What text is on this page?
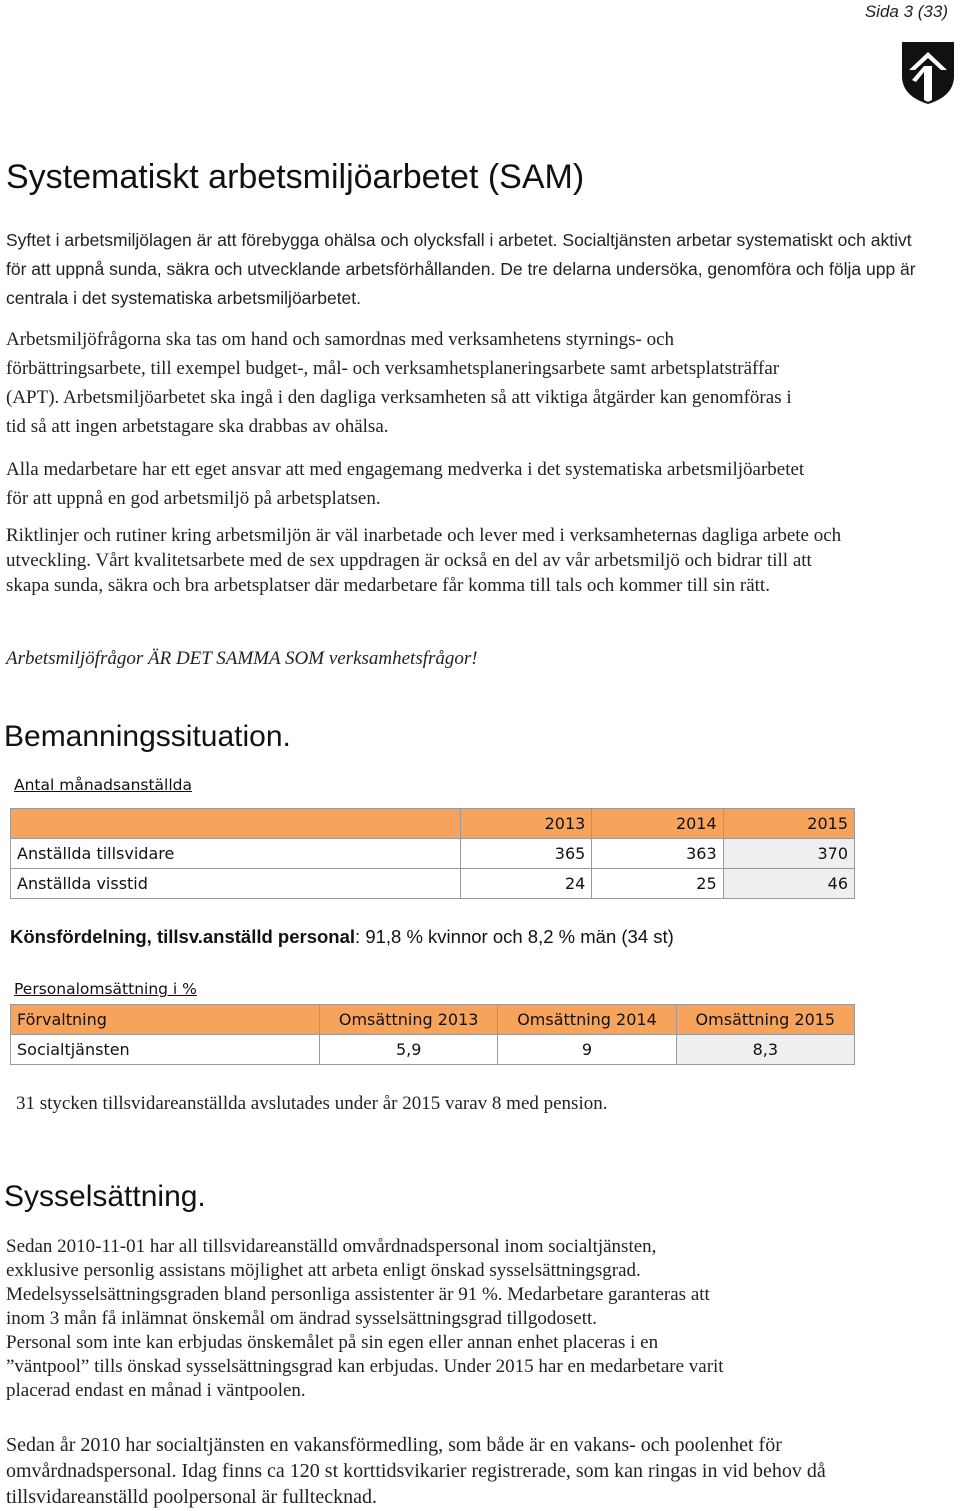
Sida 3 (33)
Systematiskt arbetsmiljöarbetet (SAM)

Syftet i arbetsmiljölagen är att förebygga ohälsa och olycksfall i arbetet. Socialtjänsten arbetar systematiskt och aktivt för att uppnå sunda, säkra och utvecklande arbetsförhållanden. De tre delarna undersöka, genomföra och följa upp är centrala i det systematiska arbetsmiljöarbetet.

Arbetsmiljöfrågorna ska tas om hand och samordnas med verksamhetens styrnings- och förbättringsarbete, till exempel budget-, mål- och verksamhetsplaneringsarbete samt arbetsplatsträffar (APT). Arbetsmiljöarbetet ska ingå i den dagliga verksamheten så att viktiga åtgärder kan genomföras i tid så att ingen arbetstagare ska drabbas av ohälsa.

Alla medarbetare har ett eget ansvar att med engagemang medverka i det systematiska arbetsmiljöarbetet för att uppnå en god arbetsmiljö på arbetsplatsen.

Riktlinjer och rutiner kring arbetsmiljön är väl inarbetade och lever med i verksamheternas dagliga arbete och utveckling. Vårt kvalitetsarbete med de sex uppdragen är också en del av vår arbetsmiljö och bidrar till att skapa sunda, säkra och bra arbetsplatser där medarbetare får komma till tals och kommer till sin rätt.

Arbetsmiljöfrågor ÄR DET SAMMA SOM verksamhetsfrågor!

Bemanningssituation.
Antal månadsanställda
	2013	2014	2015
Anställda tillsvidare	365	363	370
Anställda visstid	24	25	46
Könsfördelning, tillsv.anställd personal: 91,8 % kvinnor och 8,2 % män (34 st)
Personalomsättning i %
Förvaltning	Omsättning 2013	Omsättning 2014	Omsättning 2015
Socialtjänsten	5,9	9	8,3

31 stycken tillsvidareanställda avslutades under år 2015 varav 8 med pension.

Sysselsättning.
Sedan 2010-11-01 har all tillsvidareanställd omvårdnadspersonal inom socialtjänsten,
exklusive personlig assistans möjlighet att arbeta enligt önskad sysselsättningsgrad.
Medelsysselsättningsgraden bland personliga assistenter är 91 %. Medarbetare garanteras att
inom 3 mån få inlämnat önskemål om ändrad sysselsättningsgrad tillgodosett.
Personal som inte kan erbjudas önskemålet på sin egen eller annan enhet placeras i en
”väntpool” tills önskad sysselsättningsgrad kan erbjudas. Under 2015 har en medarbetare varit
placerad endast en månad i väntpoolen.

Sedan år 2010 har socialtjänsten en vakansförmedling, som både är en vakans- och poolenhet för omvårdnadspersonal. Idag finns ca 120 st korttidsvikarier registrerade, som kan ringas in vid behov då tillsvidareanställd poolpersonal är fulltecknad.
